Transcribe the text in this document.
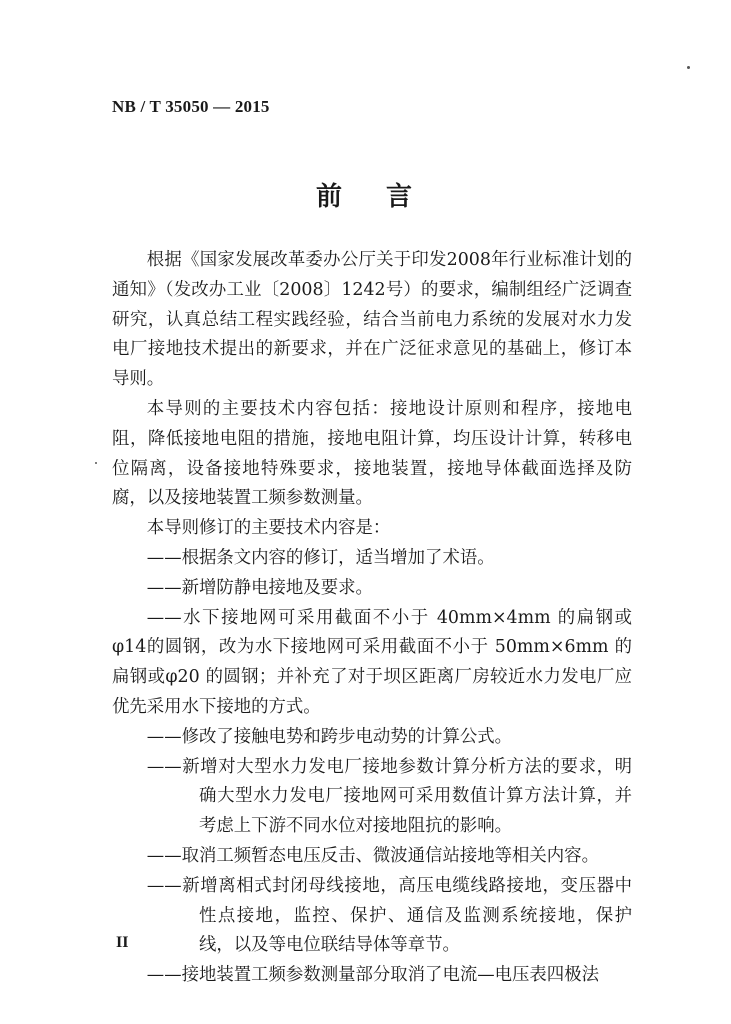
NB / T 35050 — 2015
前言

根据《国家发展改革委办公厅关于印发2008年行业标准计划的通知》（发改办工业〔2008〕1242号）的要求，编制组经广泛调查研究，认真总结工程实践经验，结合当前电力系统的发展对水力发电厂接地技术提出的新要求，并在广泛征求意见的基础上，修订本导则。

本导则的主要技术内容包括：接地设计原则和程序，接地电阻，降低接地电阻的措施，接地电阻计算，均压设计计算，转移电位隔离，设备接地特殊要求，接地装置，接地导体截面选择及防腐，以及接地装置工频参数测量。

本导则修订的主要技术内容是：

——根据条文内容的修订，适当增加了术语。

——新增防静电接地及要求。

——水下接地网可采用截面不小于 40mm×4mm 的扁钢或φ14的圆钢，改为水下接地网可采用截面不小于 50mm×6mm 的扁钢或φ20 的圆钢；并补充了对于坝区距离厂房较近水力发电厂应优先采用水下接地的方式。

——修改了接触电势和跨步电动势的计算公式。

——新增对大型水力发电厂接地参数计算分析方法的要求，明确大型水力发电厂接地网可采用数值计算方法计算，并考虑上下游不同水位对接地阻抗的影响。

——取消工频暂态电压反击、微波通信站接地等相关内容。

——新增离相式封闭母线接地，高压电缆线路接地，变压器中性点接地，监控、保护、通信及监测系统接地，保护线，以及等电位联结导体等章节。

——接地装置工频参数测量部分取消了电流—电压表四极法

II
